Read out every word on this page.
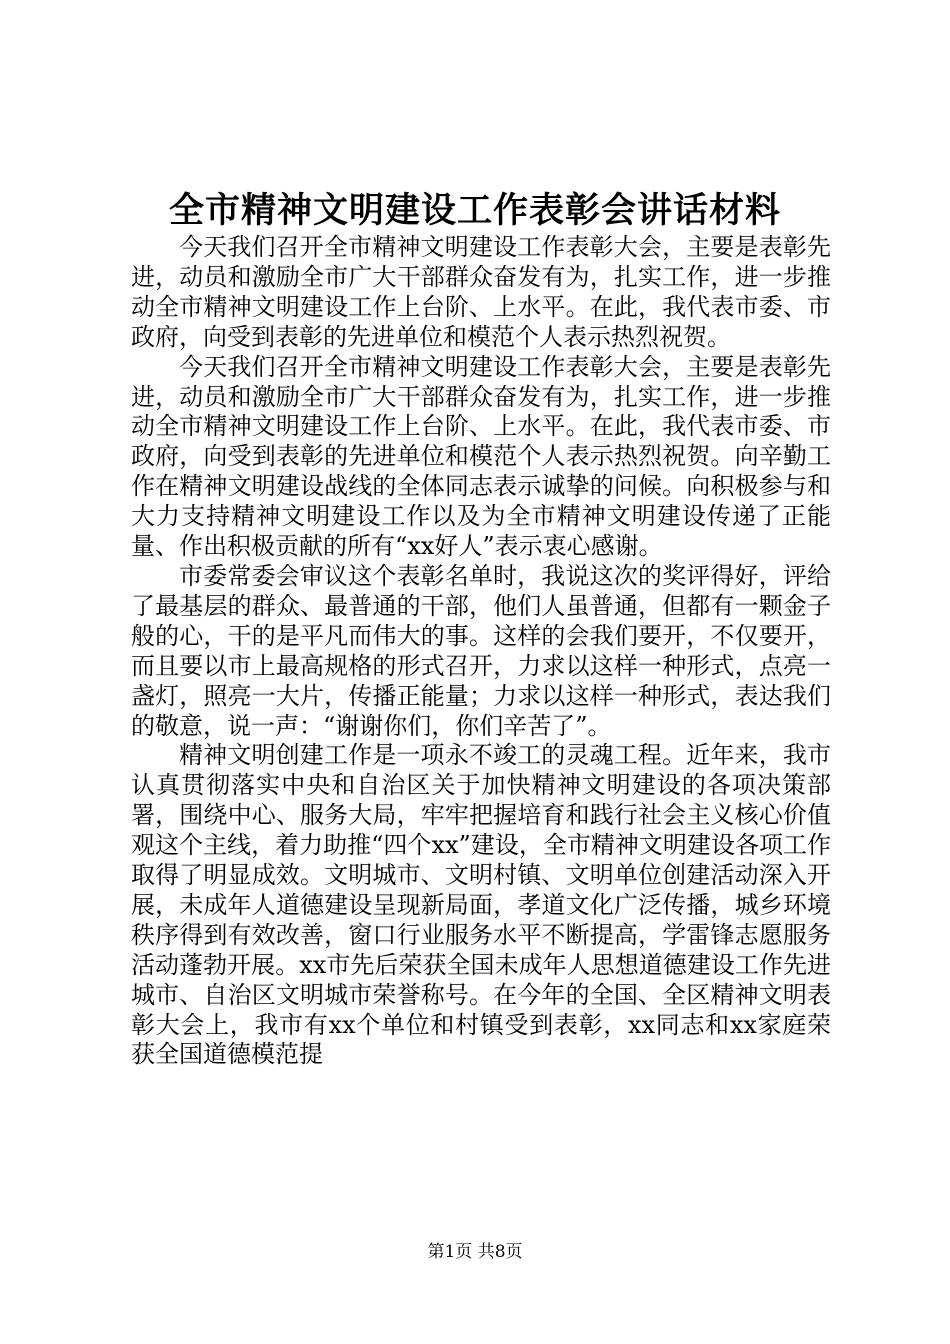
全市精神文明建设工作表彰会讲话材料

今天我们召开全市精神文明建设工作表彰大会，主要是表彰先进，动员和激励全市广大干部群众奋发有为，扎实工作，进一步推动全市精神文明建设工作上台阶、上水平。在此，我代表市委、市政府，向受到表彰的先进单位和模范个人表示热烈祝贺。

今天我们召开全市精神文明建设工作表彰大会，主要是表彰先进，动员和激励全市广大干部群众奋发有为，扎实工作，进一步推动全市精神文明建设工作上台阶、上水平。在此，我代表市委、市政府，向受到表彰的先进单位和模范个人表示热烈祝贺。向辛勤工作在精神文明建设战线的全体同志表示诚挚的问候。向积极参与和大力支持精神文明建设工作以及为全市精神文明建设传递了正能量、作出积极贡献的所有“xx好人”表示衷心感谢。

市委常委会审议这个表彰名单时，我说这次的奖评得好，评给了最基层的群众、最普通的干部，他们人虽普通，但都有一颗金子般的心，干的是平凡而伟大的事。这样的会我们要开，不仅要开，而且要以市上最高规格的形式召开，力求以这样一种形式，点亮一盏灯，照亮一大片，传播正能量；力求以这样一种形式，表达我们的敬意，说一声：“谢谢你们，你们辛苦了”。

精神文明创建工作是一项永不竣工的灵魂工程。近年来，我市认真贯彻落实中央和自治区关于加快精神文明建设的各项决策部署，围绕中心、服务大局，牢牢把握培育和践行社会主义核心价值观这个主线，着力助推“四个xx”建设，全市精神文明建设各项工作取得了明显成效。文明城市、文明村镇、文明单位创建活动深入开展，未成年人道德建设呈现新局面，孝道文化广泛传播，城乡环境秩序得到有效改善，窗口行业服务水平不断提高，学雷锋志愿服务活动蓬勃开展。xx市先后荣获全国未成年人思想道德建设工作先进城市、自治区文明城市荣誉称号。在今年的全国、全区精神文明表彰大会上，我市有xx个单位和村镇受到表彰，xx同志和xx家庭荣获全国道德模范提

第1页 共8页
